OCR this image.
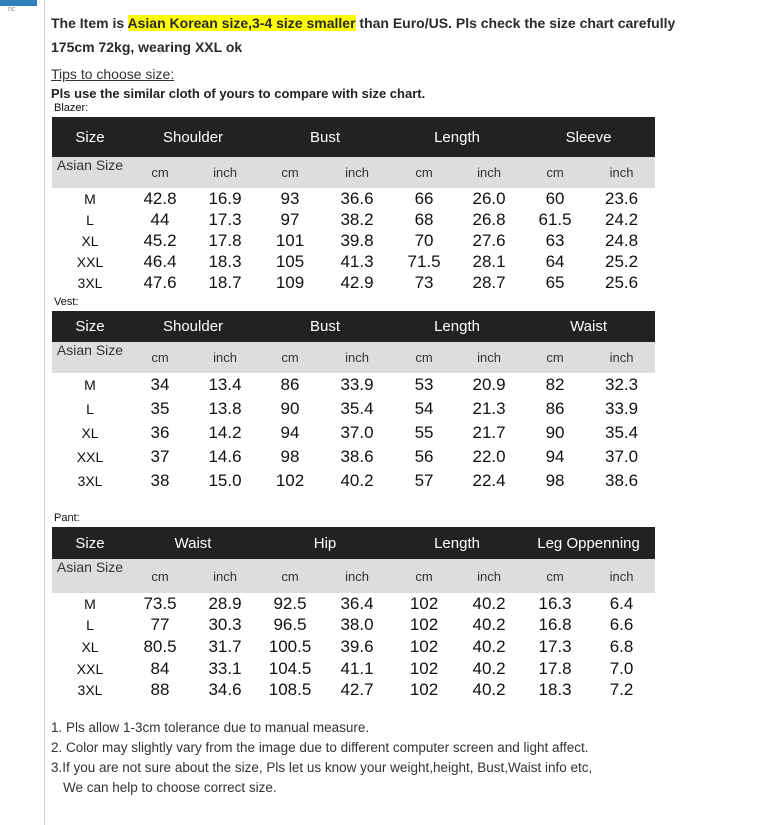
nc
The Item is Asian Korean size,3-4 size smaller than Euro/US. Pls check the size chart carefully
175cm 72kg, wearing XXL ok
Tips to choose size:
Pls use the similar cloth of yours to compare with size chart.
Blazer:
Size	Shoulder		Bust		Length		Sleeve	
Asian Size	cm	inch	cm	inch	cm	inch	cm	inch
M	42.8	16.9	93	36.6	66	26.0	60	23.6
L	44	17.3	97	38.2	68	26.8	61.5	24.2
XL	45.2	17.8	101	39.8	70	27.6	63	24.8
XXL	46.4	18.3	105	41.3	71.5	28.1	64	25.2
3XL	47.6	18.7	109	42.9	73	28.7	65	25.6
Vest:
Size	Shoulder		Bust		Length		Waist	
Asian Size	cm	inch	cm	inch	cm	inch	cm	inch
M	34	13.4	86	33.9	53	20.9	82	32.3
L	35	13.8	90	35.4	54	21.3	86	33.9
XL	36	14.2	94	37.0	55	21.7	90	35.4
XXL	37	14.6	98	38.6	56	22.0	94	37.0
3XL	38	15.0	102	40.2	57	22.4	98	38.6
Pant:
Size	Waist		Hip		Length		Leg Oppenning	
Asian Size	cm	inch	cm	inch	cm	inch	cm	inch
M	73.5	28.9	92.5	36.4	102	40.2	16.3	6.4
L	77	30.3	96.5	38.0	102	40.2	16.8	6.6
XL	80.5	31.7	100.5	39.6	102	40.2	17.3	6.8
XXL	84	33.1	104.5	41.1	102	40.2	17.8	7.0
3XL	88	34.6	108.5	42.7	102	40.2	18.3	7.2
1. Pls allow 1-3cm tolerance due to manual measure.
2. Color may slightly vary from the image due to different computer screen and light affect.
3.If you are not sure about the size, Pls let us know your weight,height, Bust,Waist info etc,
We can help to choose correct size.
